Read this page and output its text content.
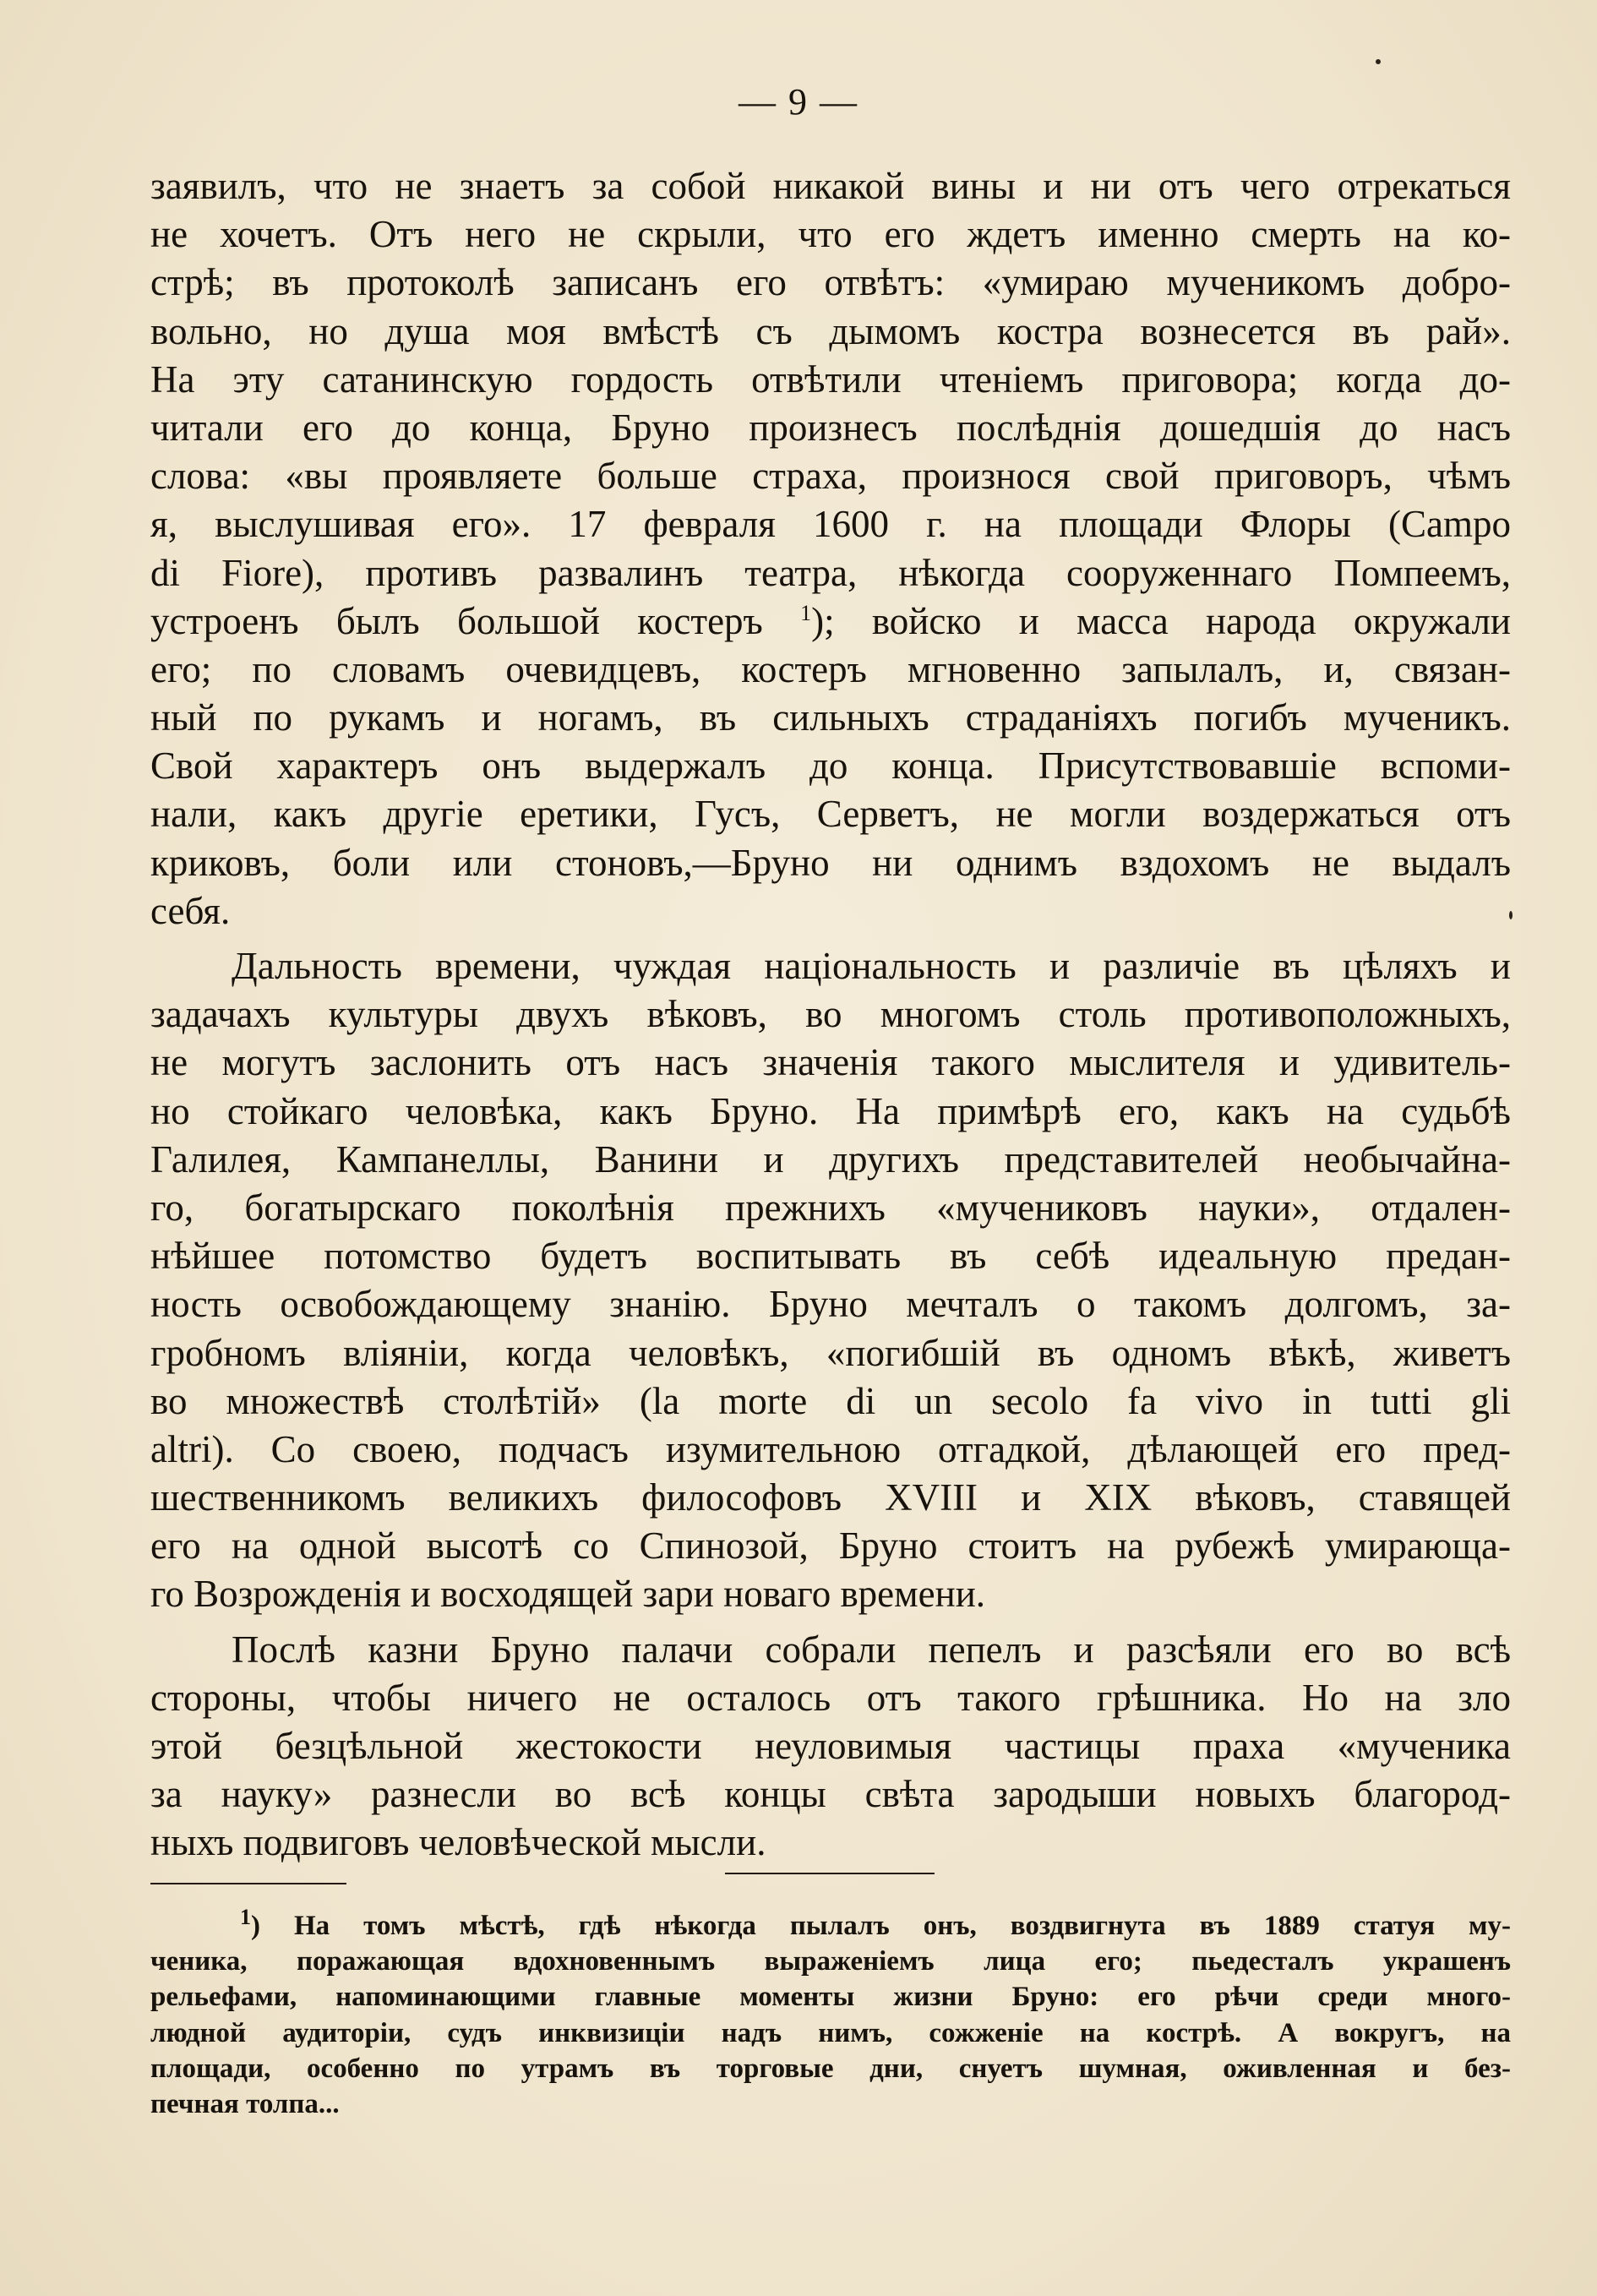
— 9 —
заявилъ, что не знаетъ за собой никакой вины и ни отъ чего отрекаться
не хочетъ. Отъ него не скрыли, что его ждетъ именно смерть на ко-
стрѣ; въ протоколѣ записанъ его отвѣтъ: «умираю мученикомъ добро-
вольно, но душа моя вмѣстѣ съ дымомъ костра вознесется въ рай».
На эту сатанинскую гордость отвѣтили чтеніемъ приговора; когда до-
читали его до конца, Бруно произнесъ послѣднія дошедшія до насъ
слова: «вы проявляете больше страха, произнося свой приговоръ, чѣмъ
я, выслушивая его». 17 февраля 1600 г. на площади Флоры (Campo
di Fiore), противъ развалинъ театра, нѣкогда сооруженнаго Помпеемъ,
устроенъ былъ большой костеръ $^1$); войско и масса народа окружали
его; по словамъ очевидцевъ, костеръ мгновенно запылалъ, и, связан-
ный по рукамъ и ногамъ, въ сильныхъ страданіяхъ погибъ мученикъ.
Свой характеръ онъ выдержалъ до конца. Присутствовавшіе вспоми-
нали, какъ другіе еретики, Гусъ, Серветъ, не могли воздержаться отъ
криковъ, боли или стоновъ,—Бруно ни однимъ вздохомъ не выдалъ
себя.
Дальность времени, чуждая національность и различіе въ цѣляхъ и
задачахъ культуры двухъ вѣковъ, во многомъ столь противоположныхъ,
не могутъ заслонить отъ насъ значенія такого мыслителя и удивитель-
но стойкаго человѣка, какъ Бруно. На примѣрѣ его, какъ на судьбѣ
Галилея, Кампанеллы, Ванини и другихъ представителей необычайна-
го, богатырскаго поколѣнія прежнихъ «мучениковъ науки», отдален-
нѣйшее потомство будетъ воспитывать въ себѣ идеальную предан-
ность освобождающему знанію. Бруно мечталъ о такомъ долгомъ, за-
гробномъ вліяніи, когда человѣкъ, «погибшій въ одномъ вѣкѣ, живетъ
во множествѣ столѣтій» (la morte di un secolo fa vivo in tutti gli
altri). Со своею, подчасъ изумительною отгадкой, дѣлающей его пред-
шественникомъ великихъ философовъ XVIII и XIX вѣковъ, ставящей
его на одной высотѣ со Спинозой, Бруно стоитъ на рубежѣ умирающа-
го Возрожденія и восходящей зари новаго времени.
Послѣ казни Бруно палачи собрали пепелъ и разсѣяли его во всѣ
стороны, чтобы ничего не осталось отъ такого грѣшника. Но на зло
этой безцѣльной жестокости неуловимыя частицы праха «мученика
за науку» разнесли во всѣ концы свѣта зародыши новыхъ благород-
ныхъ подвиговъ человѣческой мысли.
$^1$) На томъ мѣстѣ, гдѣ нѣкогда пылалъ онъ, воздвигнута въ 1889 статуя му-
ченика, поражающая вдохновеннымъ выраженіемъ лица его; пьедесталъ украшенъ
рельефами, напоминающими главные моменты жизни Бруно: его рѣчи среди много-
людной аудиторіи, судъ инквизиціи надъ нимъ, сожженіе на кострѣ. А вокругъ, на
площади, особенно по утрамъ въ торговые дни, снуетъ шумная, оживленная и без-
печная толпа...
